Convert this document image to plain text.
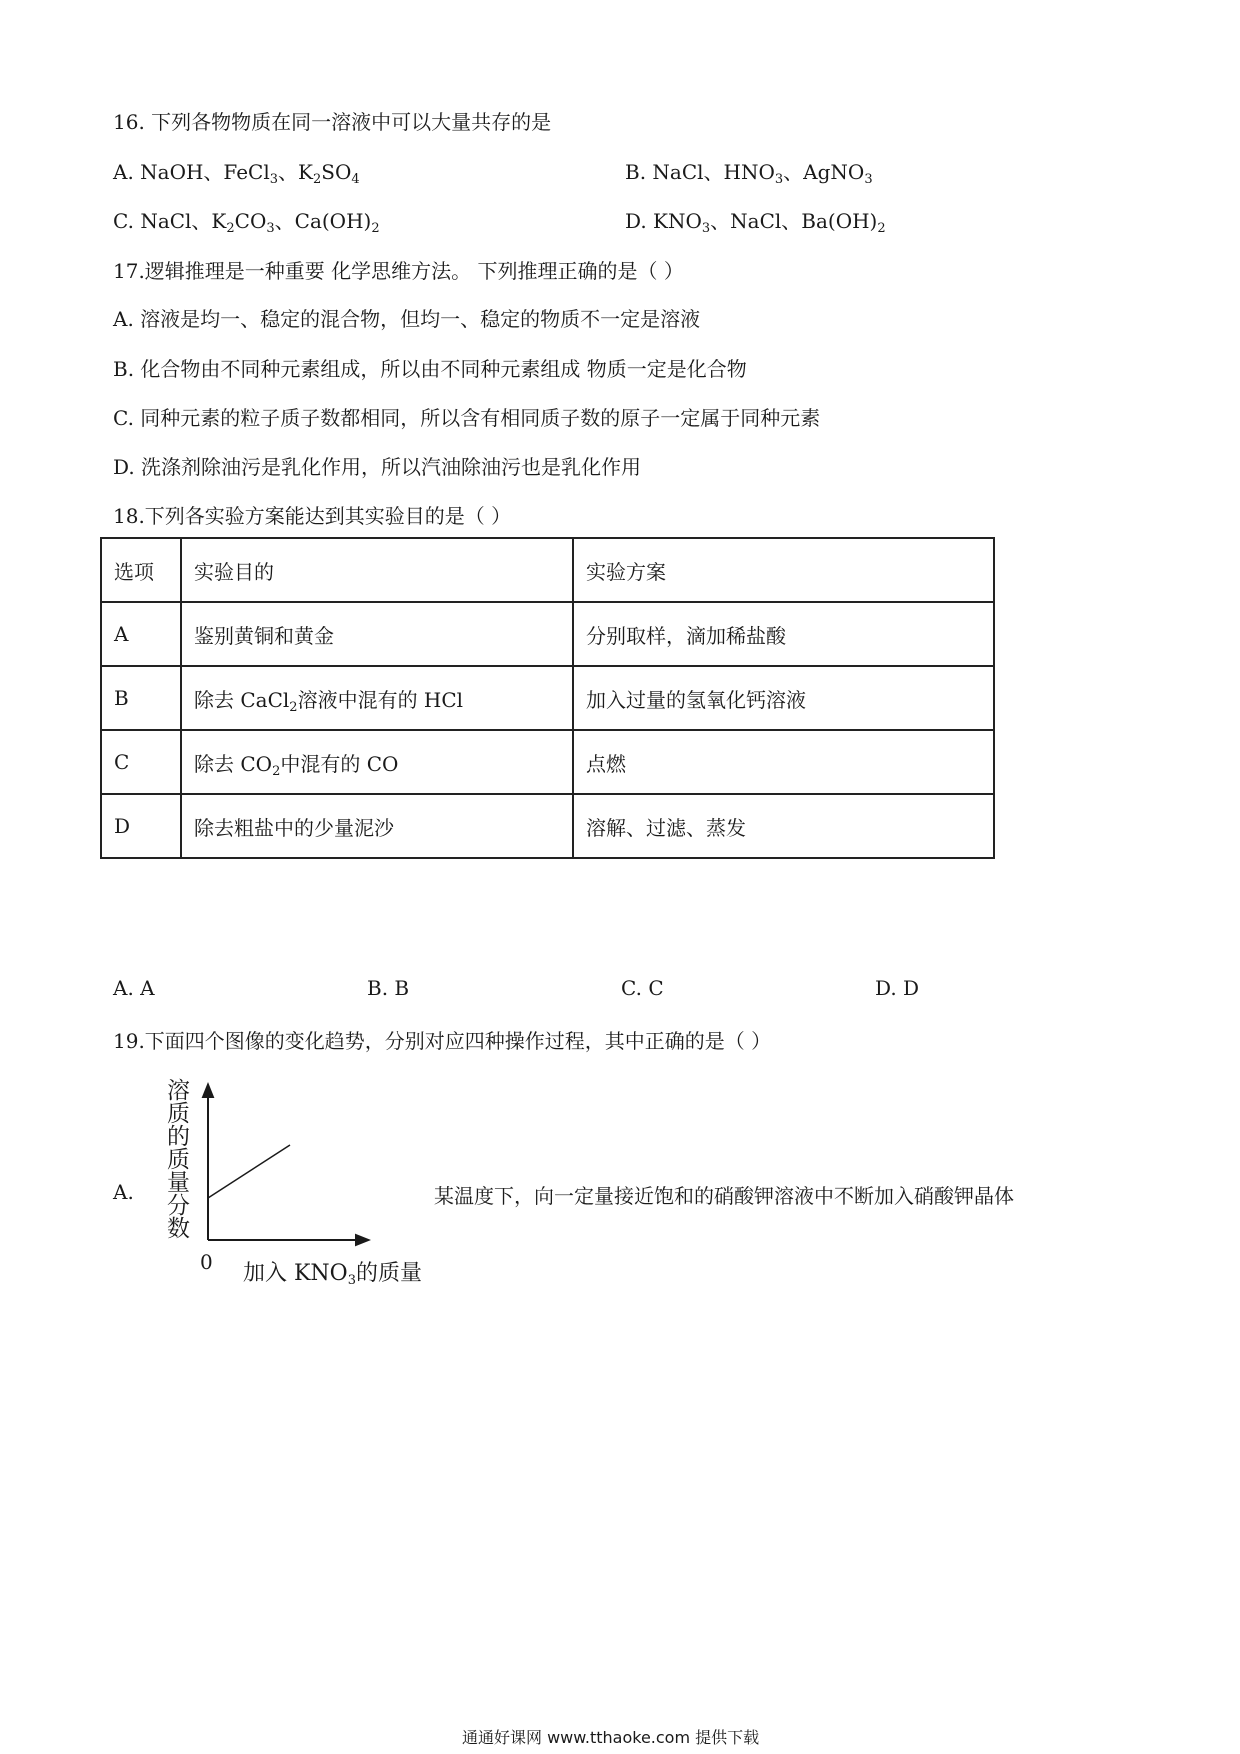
16. 下列各物物质在同一溶液中可以大量共存的是
A. NaOH、FeCl$_3$、$K_2SO_4$	B. NaCl、$HNO_3$、AgNO$_3$
C. NaCl、$K_2CO_3$、$Ca(OH)_2$	D. $KNO_3$、NaCl、$Ba(OH)_2$
17.逻辑推理是一种重要 化学思维方法。 下列推理正确的是（ ）
A. 溶液是均一、稳定的混合物，但均一、稳定的物质不一定是溶液
B. 化合物由不同种元素组成，所以由不同种元素组成 物质一定是化合物
C. 同种元素的粒子质子数都相同，所以含有相同质子数的原子一定属于同种元素
D. 洗涤剂除油污是乳化作用，所以汽油除油污也是乳化作用
18.下列各实验方案能达到其实验目的是（ ）
选项	实验目的	实验方案
A	鉴别黄铜和黄金	分别取样，滴加稀盐酸
B	除去 CaCl$_2$溶液中混有的 HCl	加入过量的氢氧化钙溶液
C	除去 $CO_2$中混有的 CO	点燃
D	除去粗盐中的少量泥沙	溶解、过滤、蒸发
A. A	B. B	C. C	D. D
19.下面四个图像的变化趋势，分别对应四种操作过程，其中正确的是（ ）
A. 溶质的质量分数
0 加入 $KNO_3$的质量
某温度下，向一定量接近饱和的硝酸钾溶液中不断加入硝酸钾晶体
通通好课网 www.tthaoke.com 提供下载
